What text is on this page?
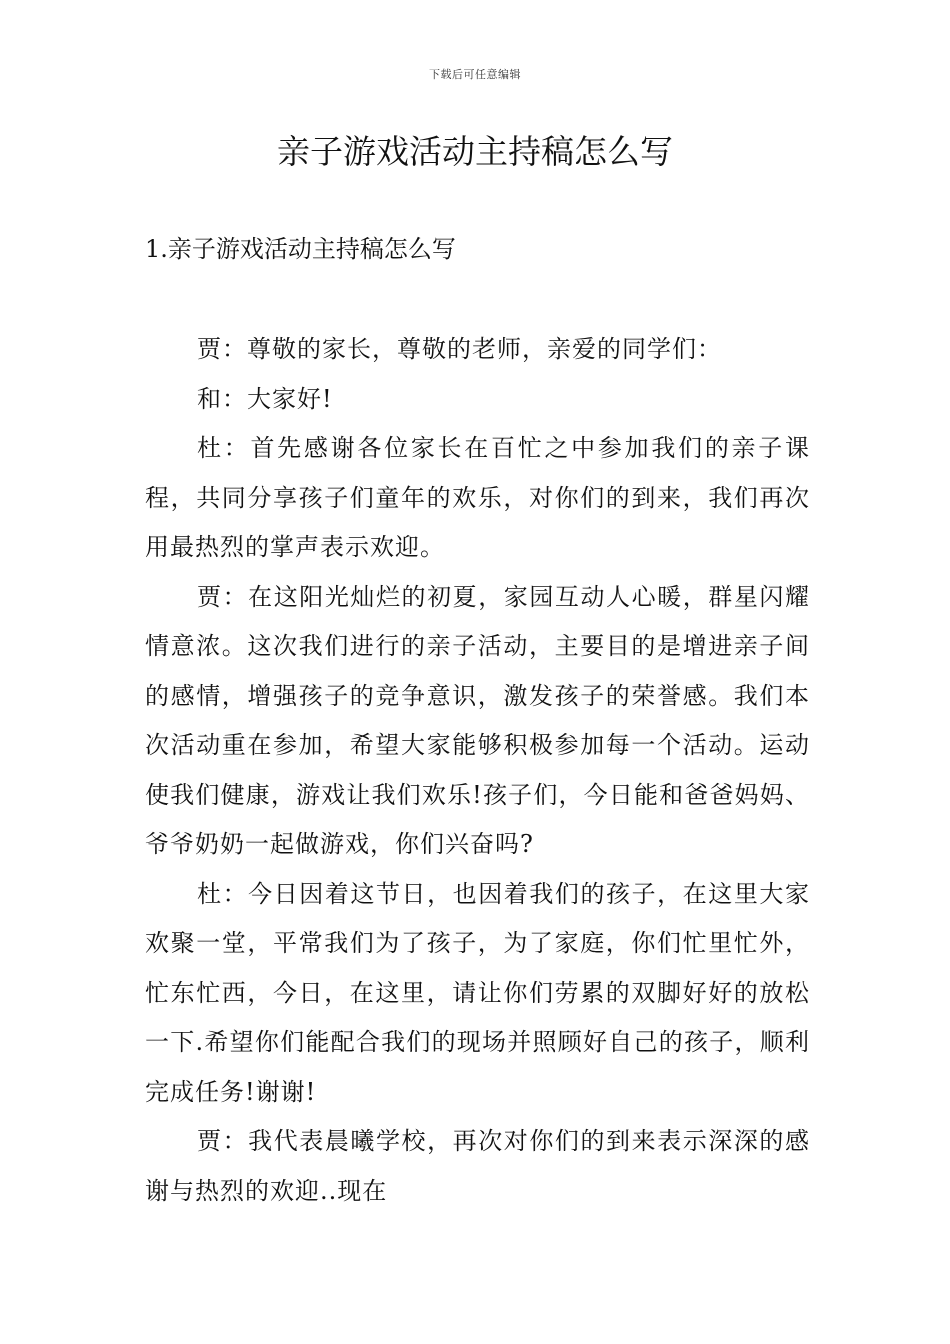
下载后可任意编辑
亲子游戏活动主持稿怎么写
1.亲子游戏活动主持稿怎么写

贾：尊敬的家长，尊敬的老师，亲爱的同学们：

和：大家好!

杜：首先感谢各位家长在百忙之中参加我们的亲子课程，共同分享孩子们童年的欢乐，对你们的到来，我们再次用最热烈的掌声表示欢迎。

贾：在这阳光灿烂的初夏，家园互动人心暖，群星闪耀情意浓。这次我们进行的亲子活动，主要目的是增进亲子间的感情，增强孩子的竞争意识，激发孩子的荣誉感。我们本次活动重在参加，希望大家能够积极参加每一个活动。运动使我们健康，游戏让我们欢乐!孩子们，今日能和爸爸妈妈、爷爷奶奶一起做游戏，你们兴奋吗?

杜：今日因着这节日，也因着我们的孩子，在这里大家欢聚一堂，平常我们为了孩子，为了家庭，你们忙里忙外，忙东忙西，今日，在这里，请让你们劳累的双脚好好的放松一下.希望你们能配合我们的现场并照顾好自己的孩子，顺利完成任务!谢谢!

贾：我代表晨曦学校，再次对你们的到来表示深深的感谢与热烈的欢迎..现在
